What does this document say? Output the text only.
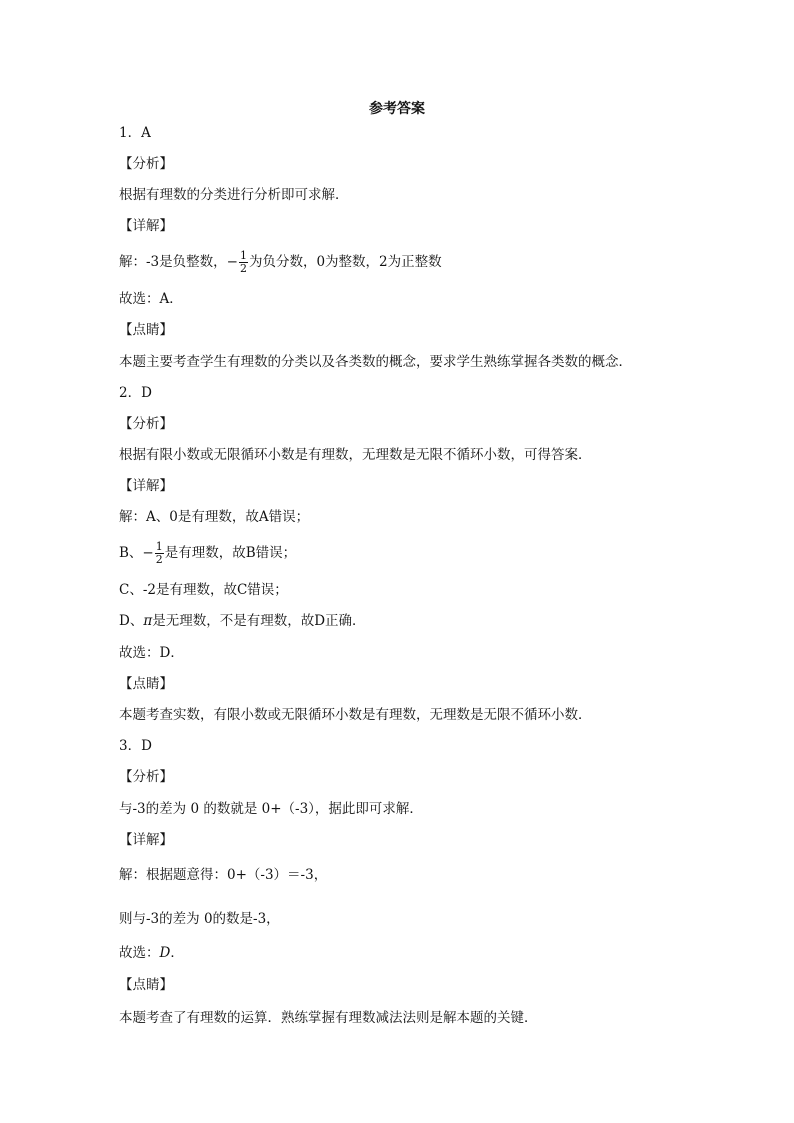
参考答案
1．A
【分析】
根据有理数的分类进行分析即可求解．
【详解】
解：-3是负整数，− $\frac{1}{2}$ 为负分数，0为整数，2为正整数
故选：A．
【点睛】
本题主要考查学生有理数的分类以及各类数的概念，要求学生熟练掌握各类数的概念．
2．D
【分析】
根据有限小数或无限循环小数是有理数，无理数是无限不循环小数，可得答案．
【详解】
解：A、0是有理数，故A错误；
B、− $\frac{1}{2}$ 是有理数，故B错误；
C、-2是有理数，故C错误；
D、π是无理数，不是有理数，故D正确．
故选：D．
【点睛】
本题考查实数，有限小数或无限循环小数是有理数，无理数是无限不循环小数．
3．D
【分析】
与-3的差为 0 的数就是 0+（-3），据此即可求解．
【详解】
解：根据题意得：0+（-3）＝-3，
则与-3的差为 0的数是-3，
故选：D．
【点睛】
本题考查了有理数的运算．熟练掌握有理数减法法则是解本题的关键．
